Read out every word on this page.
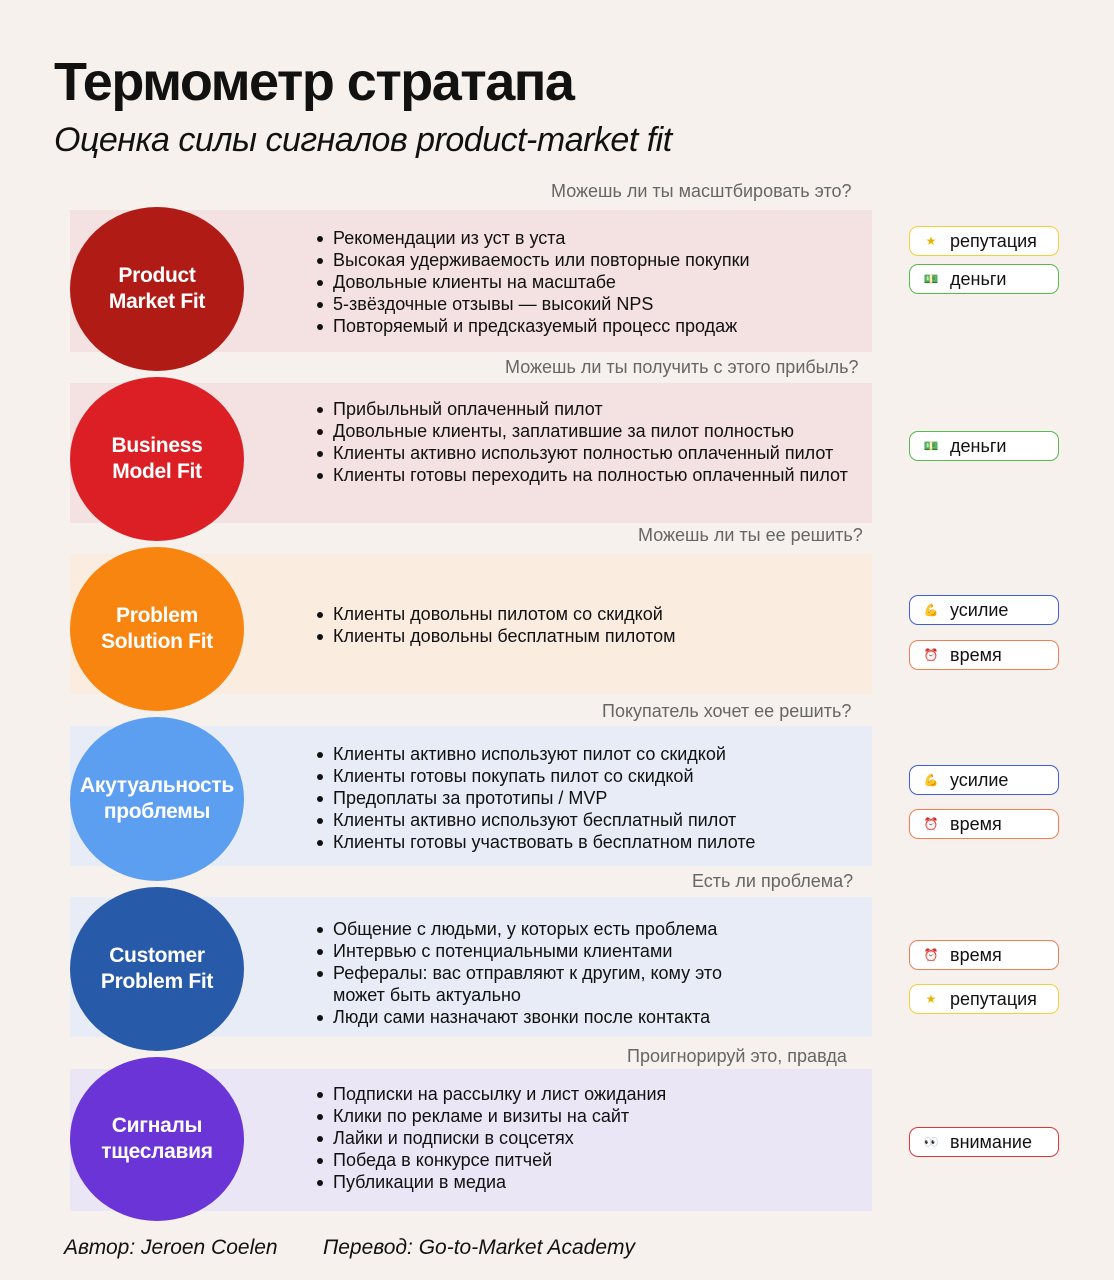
Термометр стратапа
Оценка силы сигналов product-market fit
Можешь ли ты масштбировать это?
Product
Market Fit
Рекомендации из уст в уста
Высокая удерживаемость или повторные покупки
Довольные клиенты на масштабе
5-звёздочные отзывы — высокий NPS
Повторяемый и предсказуемый процесс продаж
★ репутация
💵 деньги
Можешь ли ты получить с этого прибыль?
Business
Model Fit
Прибыльный оплаченный пилот
Довольные клиенты, заплатившие за пилот полностью
Клиенты активно используют полностью оплаченный пилот
Клиенты готовы переходить на полностью оплаченный пилот
💵 деньги
Можешь ли ты ее решить?
Problem
Solution Fit
Клиенты довольны пилотом со скидкой
Клиенты довольны бесплатным пилотом
💪 усилие
⏰ время
Покупатель хочет ее решить?
Акутуальность
проблемы
Клиенты активно используют пилот со скидкой
Клиенты готовы покупать пилот со скидкой
Предоплаты за прототипы / MVP
Клиенты активно используют бесплатный пилот
Клиенты готовы участвовать в бесплатном пилоте
💪 усилие
⏰ время
Есть ли проблема?
Customer
Problem Fit
Общение с людьми, у которых есть проблема
Интервью с потенциальными клиентами
Рефералы: вас отправляют к другим, кому это может быть актуально
Люди сами назначают звонки после контакта
⏰ время
★ репутация
Проигнорируй это, правда
Сигналы
тщеславия
Подписки на рассылку и лист ожидания
Клики по рекламе и визиты на сайт
Лайки и подписки в соцсетях
Победа в конкурсе питчей
Публикации в медиа
👀 внимание
Автор: Jeroen Coelen Перевод: Go-to-Market Academy
